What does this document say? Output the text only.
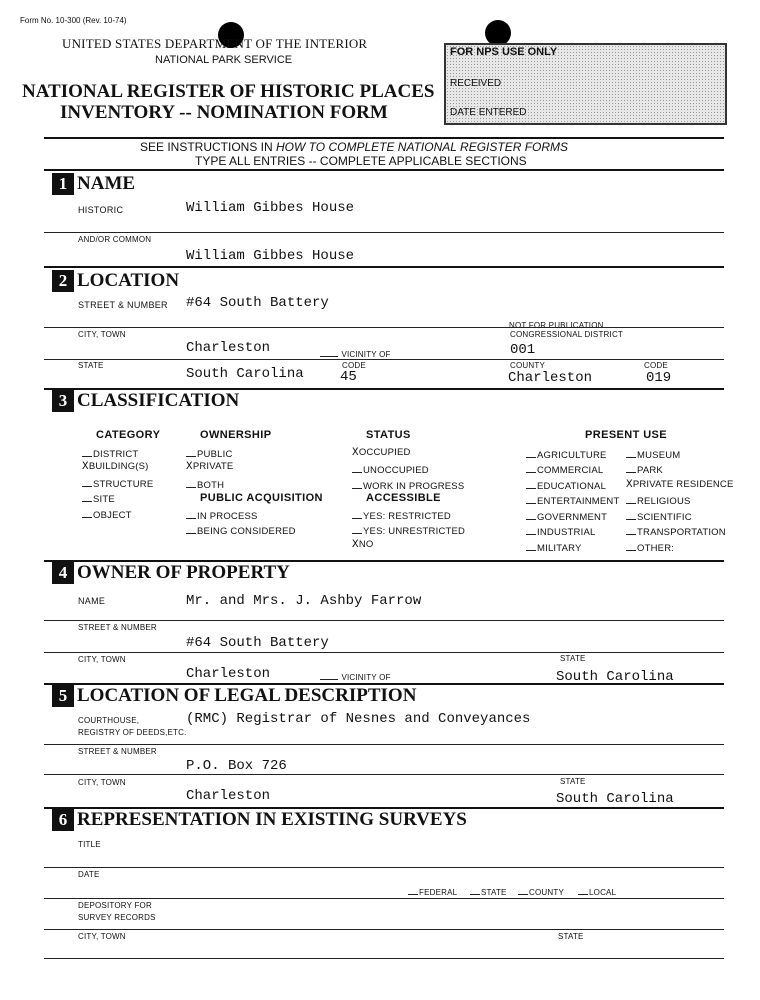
Form No. 10-300 (Rev. 10-74)
UNITED STATES DEPARTMENT OF THE INTERIOR
NATIONAL PARK SERVICE
NATIONAL REGISTER OF HISTORIC PLACES
INVENTORY -- NOMINATION FORM
FOR NPS USE ONLY
RECEIVED
DATE ENTERED
SEE INSTRUCTIONS IN HOW TO COMPLETE NATIONAL REGISTER FORMS
TYPE ALL ENTRIES -- COMPLETE APPLICABLE SECTIONS
1 NAME
HISTORIC	William Gibbes House
AND/OR COMMON
William Gibbes House
2 LOCATION
STREET & NUMBER #64 South Battery
NOT FOR PUBLICATION
CITY, TOWN	CONGRESSIONAL DISTRICT
Charleston	VICINITY OF	001
STATE	CODE	COUNTY	CODE
South Carolina	45	Charleston	019
3 CLASSIFICATION
CATEGORY	OWNERSHIP	STATUS	PRESENT USE
DISTRICT
XBUILDING(S)
STRUCTURE
SITE
OBJECT
PUBLIC
XPRIVATE
BOTH
PUBLIC ACQUISITION
IN PROCESS
BEING CONSIDERED
XOCCUPIED
UNOCCUPIED
WORK IN PROGRESS
ACCESSIBLE
YES: RESTRICTED
YES: UNRESTRICTED
XNO
AGRICULTURE
COMMERCIAL
EDUCATIONAL
ENTERTAINMENT
GOVERNMENT
INDUSTRIAL
MILITARY
MUSEUM
PARK
XPRIVATE RESIDENCE
RELIGIOUS
SCIENTIFIC
TRANSPORTATION
OTHER:
4 OWNER OF PROPERTY
NAME	Mr. and Mrs. J. Ashby Farrow
STREET & NUMBER
#64 South Battery
CITY, TOWN	STATE
Charleston	VICINITY OF	South Carolina
5 LOCATION OF LEGAL DESCRIPTION
COURTHOUSE,
REGISTRY OF DEEDS,ETC.
(RMC) Registrar of Nesnes and Conveyances
STREET & NUMBER
P.O. Box 726
CITY, TOWN	STATE
Charleston	South Carolina
6 REPRESENTATION IN EXISTING SURVEYS
TITLE
DATE
FEDERAL	STATE	COUNTY	LOCAL
DEPOSITORY FOR
SURVEY RECORDS
CITY, TOWN	STATE
